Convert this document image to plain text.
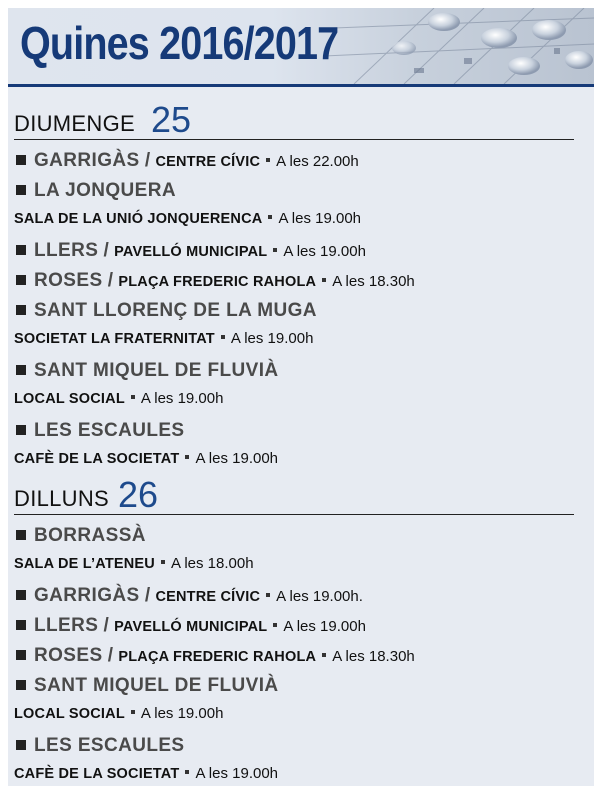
Quines 2016/2017
DIUMENGE 25
GARRIGÀS / CENTRE CÍVIC A les 22.00h
LA JONQUERA
SALA DE LA UNIÓ JONQUERENCA A les 19.00h
LLERS / PAVELLÓ MUNICIPAL A les 19.00h
ROSES / PLAÇA FREDERIC RAHOLA A les 18.30h
SANT LLORENÇ DE LA MUGA
SOCIETAT LA FRATERNITAT A les 19.00h
SANT MIQUEL DE FLUVIÀ
LOCAL SOCIAL A les 19.00h
LES ESCAULES
CAFÈ DE LA SOCIETAT A les 19.00h
DILLUNS 26
BORRASSÀ
SALA DE L’ATENEU A les 18.00h
GARRIGÀS / CENTRE CÍVIC A les 19.00h.
LLERS / PAVELLÓ MUNICIPAL A les 19.00h
ROSES / PLAÇA FREDERIC RAHOLA A les 18.30h
SANT MIQUEL DE FLUVIÀ
LOCAL SOCIAL A les 19.00h
LES ESCAULES
CAFÈ DE LA SOCIETAT A les 19.00h
